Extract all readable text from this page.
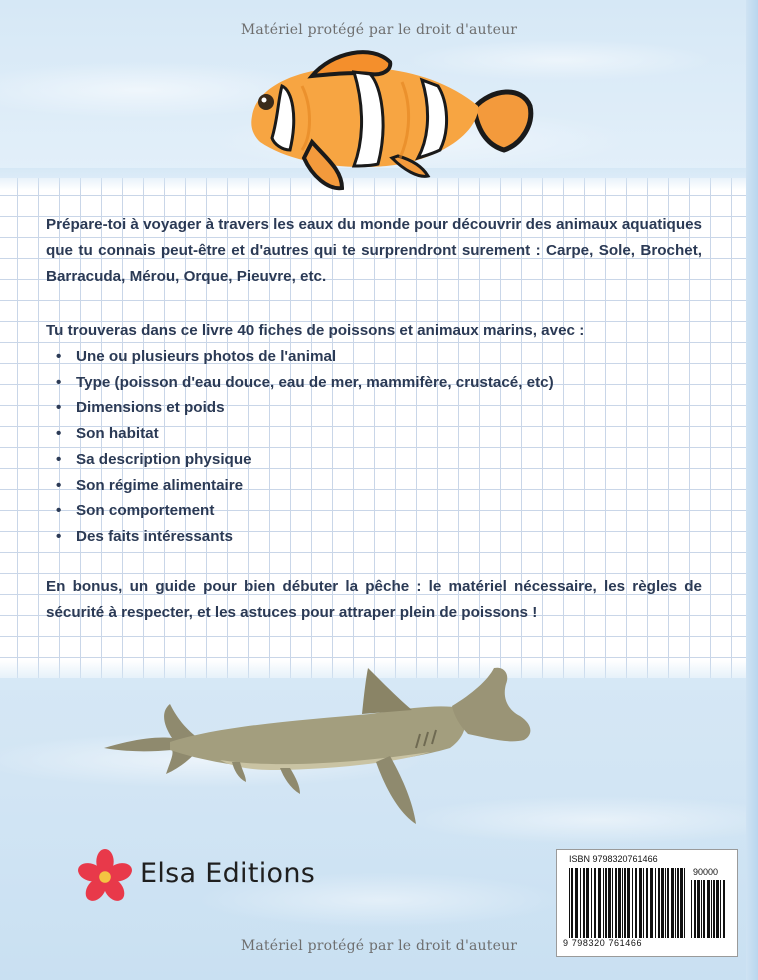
Matériel protégé par le droit d'auteur

Prépare-toi à voyager à travers les eaux du monde pour découvrir des animaux aquatiques que tu connais peut-être et d'autres qui te surprendront surement : Carpe, Sole, Brochet, Barracuda, Mérou, Orque, Pieuvre, etc.

Tu trouveras dans ce livre 40 fiches de poissons et animaux marins, avec :

• Une ou plusieurs photos de l'animal
• Type (poisson d'eau douce, eau de mer, mammifère, crustacé, etc)
• Dimensions et poids
• Son habitat
• Sa description physique
• Son régime alimentaire
• Son comportement
• Des faits intéressants

En bonus, un guide pour bien débuter la pêche : le matériel nécessaire, les règles de sécurité à respecter, et les astuces pour attraper plein de poissons !

Elsa Editions	ISBN 9798320761466
90000
9 798320 761466
Matériel protégé par le droit d'auteur
